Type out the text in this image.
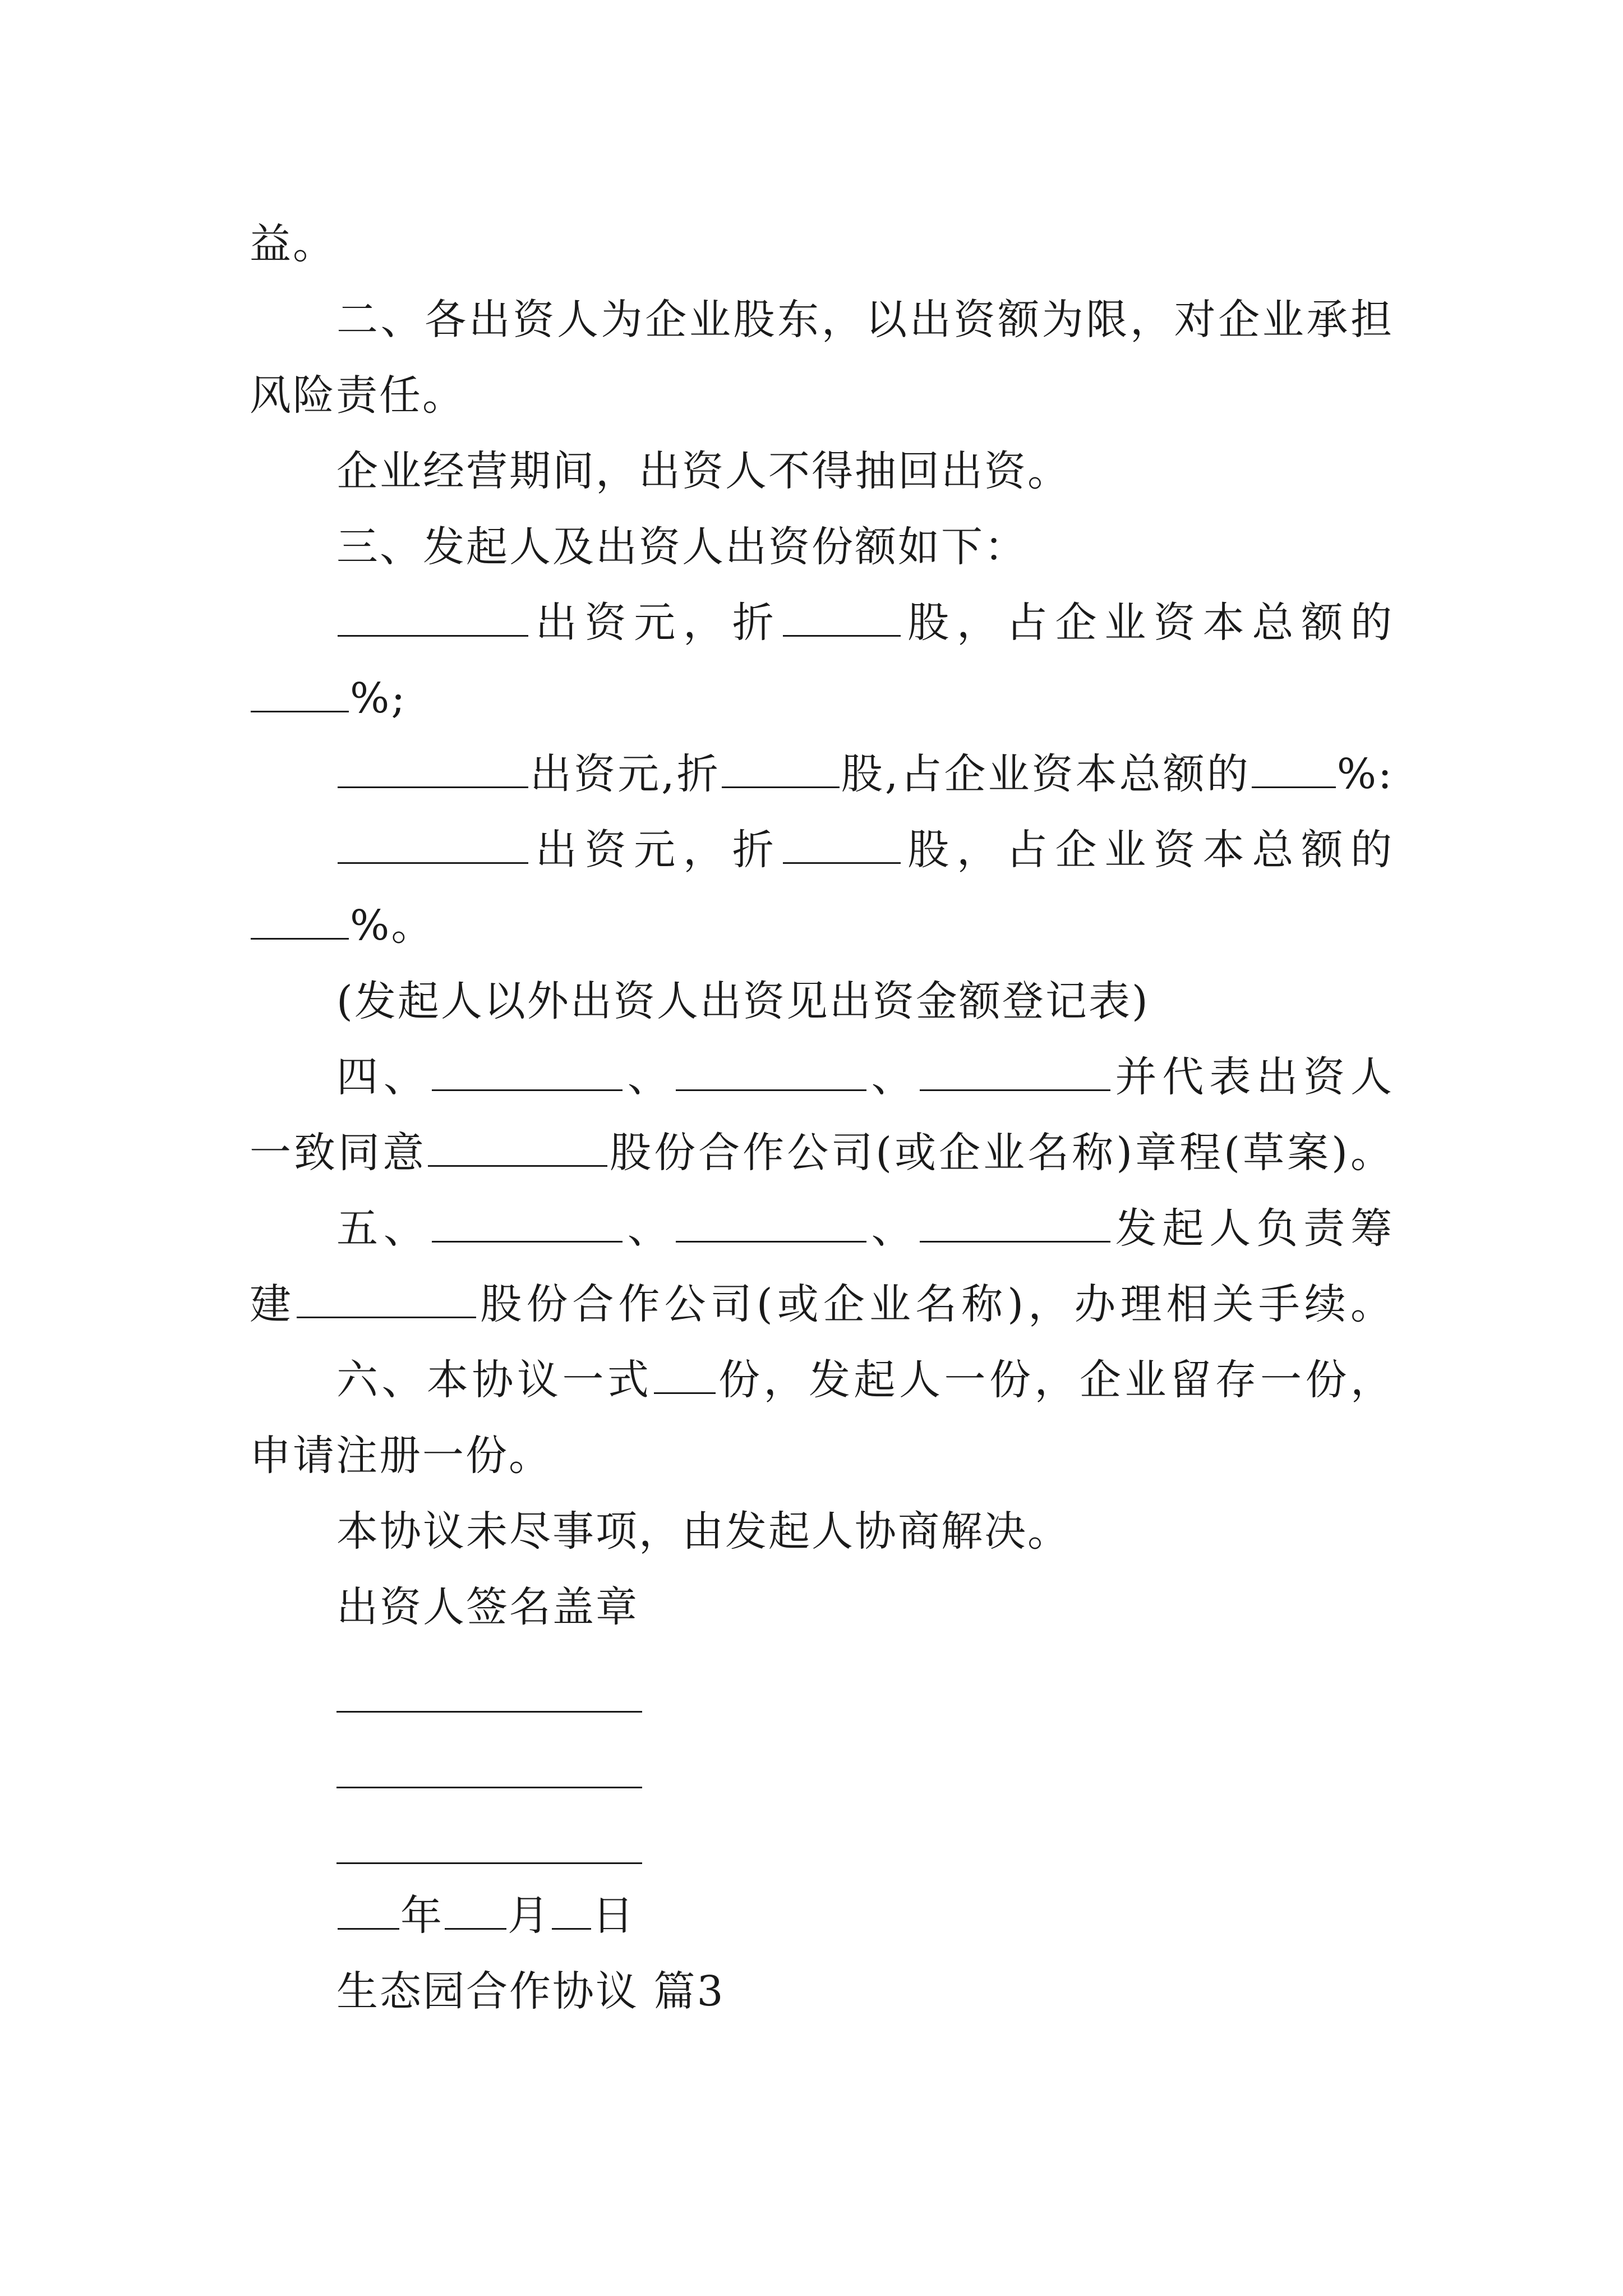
益。
二、各出资人为企业股东，以出资额为限，对企业承担
风险责任。
企业经营期间，出资人不得抽回出资。
三、发起人及出资人出资份额如下：
出资元，折	股，占企业资本总额的
%;
出资元,折	股,占企业资本总额的 %:
出资元，折	股，占企业资本总额的
%。
(发起人以外出资人出资见出资金额登记表)
四、	、	、	并代表出资人
一致同意	股份合作公司(或企业名称)章程(草案)。
五、	、	、	发起人负责筹
建	股份合作公司(或企业名称)，办理相关手续。
六、本协议一式 份，发起人一份，企业留存一份，
申请注册一份。
本协议未尽事项，由发起人协商解决。
出资人签名盖章
年 月 日
生态园合作协议 篇3
